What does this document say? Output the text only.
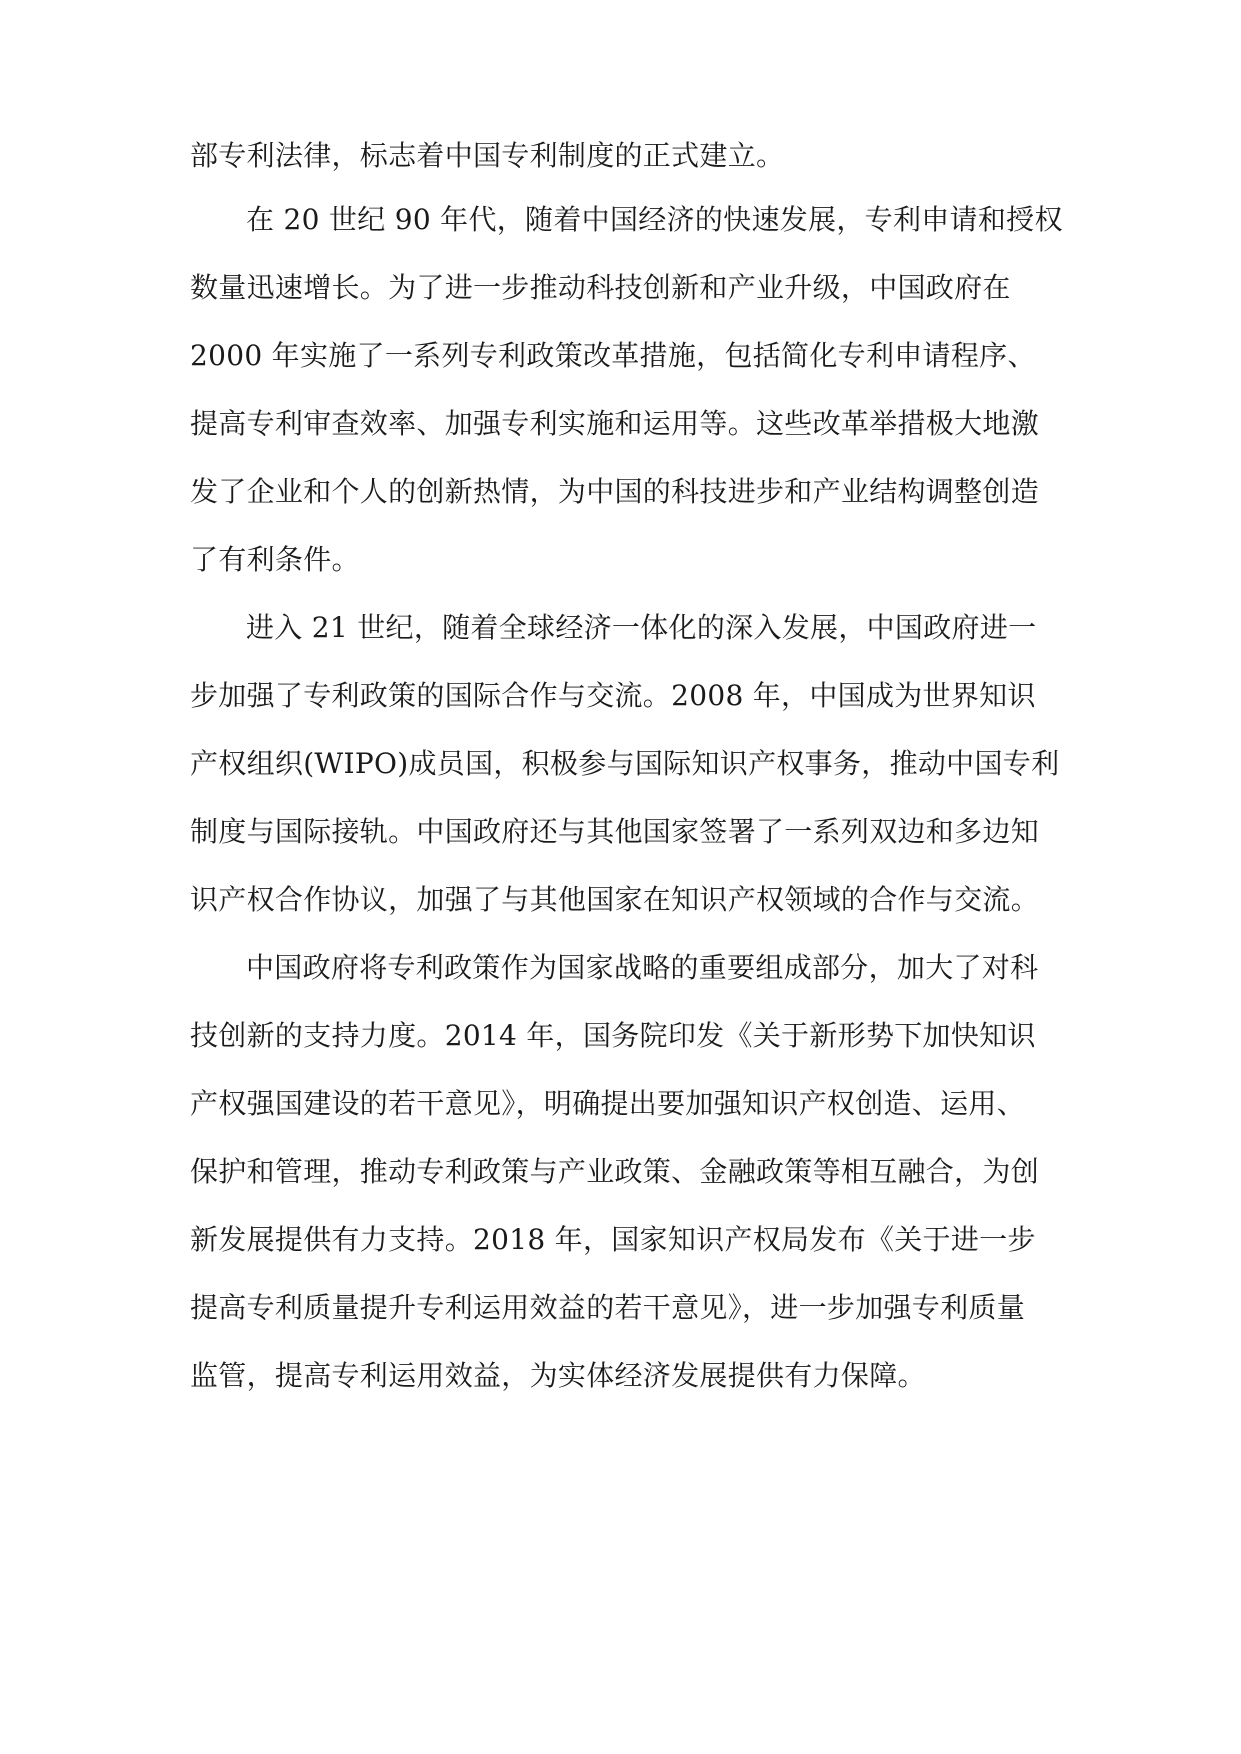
部专利法律，标志着中国专利制度的正式建立。
在 20 世纪 90 年代，随着中国经济的快速发展，专利申请和授权
数量迅速增长。为了进一步推动科技创新和产业升级，中国政府在
2000 年实施了一系列专利政策改革措施，包括简化专利申请程序、
提高专利审查效率、加强专利实施和运用等。这些改革举措极大地激
发了企业和个人的创新热情，为中国的科技进步和产业结构调整创造
了有利条件。
进入 21 世纪，随着全球经济一体化的深入发展，中国政府进一
步加强了专利政策的国际合作与交流。2008 年，中国成为世界知识
产权组织(WIPO)成员国，积极参与国际知识产权事务，推动中国专利
制度与国际接轨。中国政府还与其他国家签署了一系列双边和多边知
识产权合作协议，加强了与其他国家在知识产权领域的合作与交流。
中国政府将专利政策作为国家战略的重要组成部分，加大了对科
技创新的支持力度。2014 年，国务院印发《关于新形势下加快知识
产权强国建设的若干意见》，明确提出要加强知识产权创造、运用、
保护和管理，推动专利政策与产业政策、金融政策等相互融合，为创
新发展提供有力支持。2018 年，国家知识产权局发布《关于进一步
提高专利质量提升专利运用效益的若干意见》，进一步加强专利质量
监管，提高专利运用效益，为实体经济发展提供有力保障。
